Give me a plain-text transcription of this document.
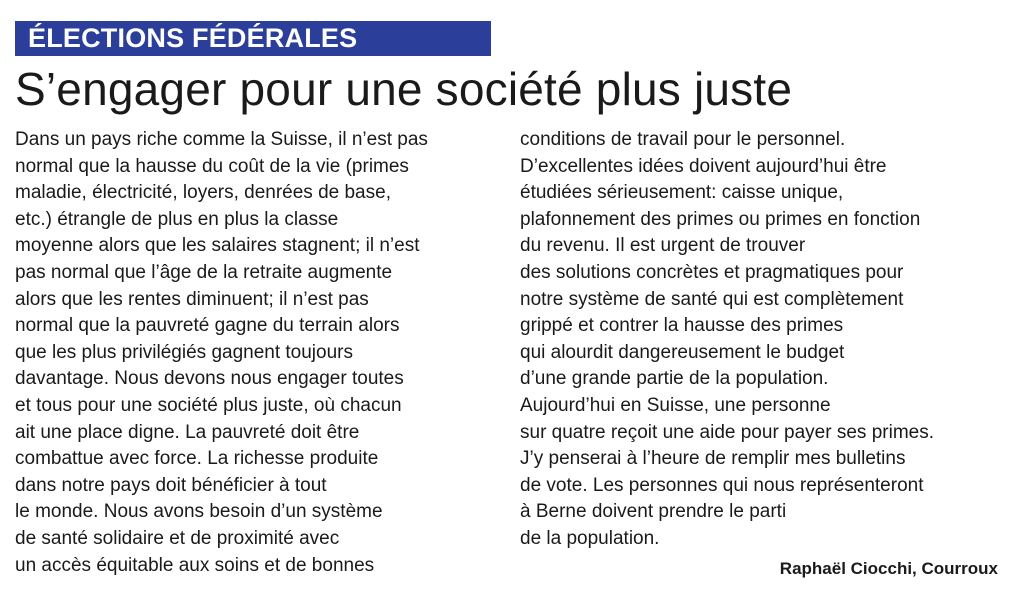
ÉLECTIONS FÉDÉRALES
S’engager pour une société plus juste
Dans un pays riche comme la Suisse, il n’est pas
normal que la hausse du coût de la vie (primes
maladie, électricité, loyers, denrées de base,
etc.) étrangle de plus en plus la classe
moyenne alors que les salaires stagnent; il n’est
pas normal que l’âge de la retraite augmente
alors que les rentes diminuent; il n’est pas
normal que la pauvreté gagne du terrain alors
que les plus privilégiés gagnent toujours
davantage. Nous devons nous engager toutes
et tous pour une société plus juste, où chacun
ait une place digne. La pauvreté doit être
combattue avec force. La richesse produite
dans notre pays doit bénéficier à tout
le monde. Nous avons besoin d’un système
de santé solidaire et de proximité avec
un accès équitable aux soins et de bonnes
conditions de travail pour le personnel.
D’excellentes idées doivent aujourd’hui être
étudiées sérieusement: caisse unique,
plafonnement des primes ou primes en fonction
du revenu. Il est urgent de trouver
des solutions concrètes et pragmatiques pour
notre système de santé qui est complètement
grippé et contrer la hausse des primes
qui alourdit dangereusement le budget
d’une grande partie de la population.
Aujourd’hui en Suisse, une personne
sur quatre reçoit une aide pour payer ses primes.
J’y penserai à l’heure de remplir mes bulletins
de vote. Les personnes qui nous représenteront
à Berne doivent prendre le parti
de la population.
Raphaël Ciocchi, Courroux
